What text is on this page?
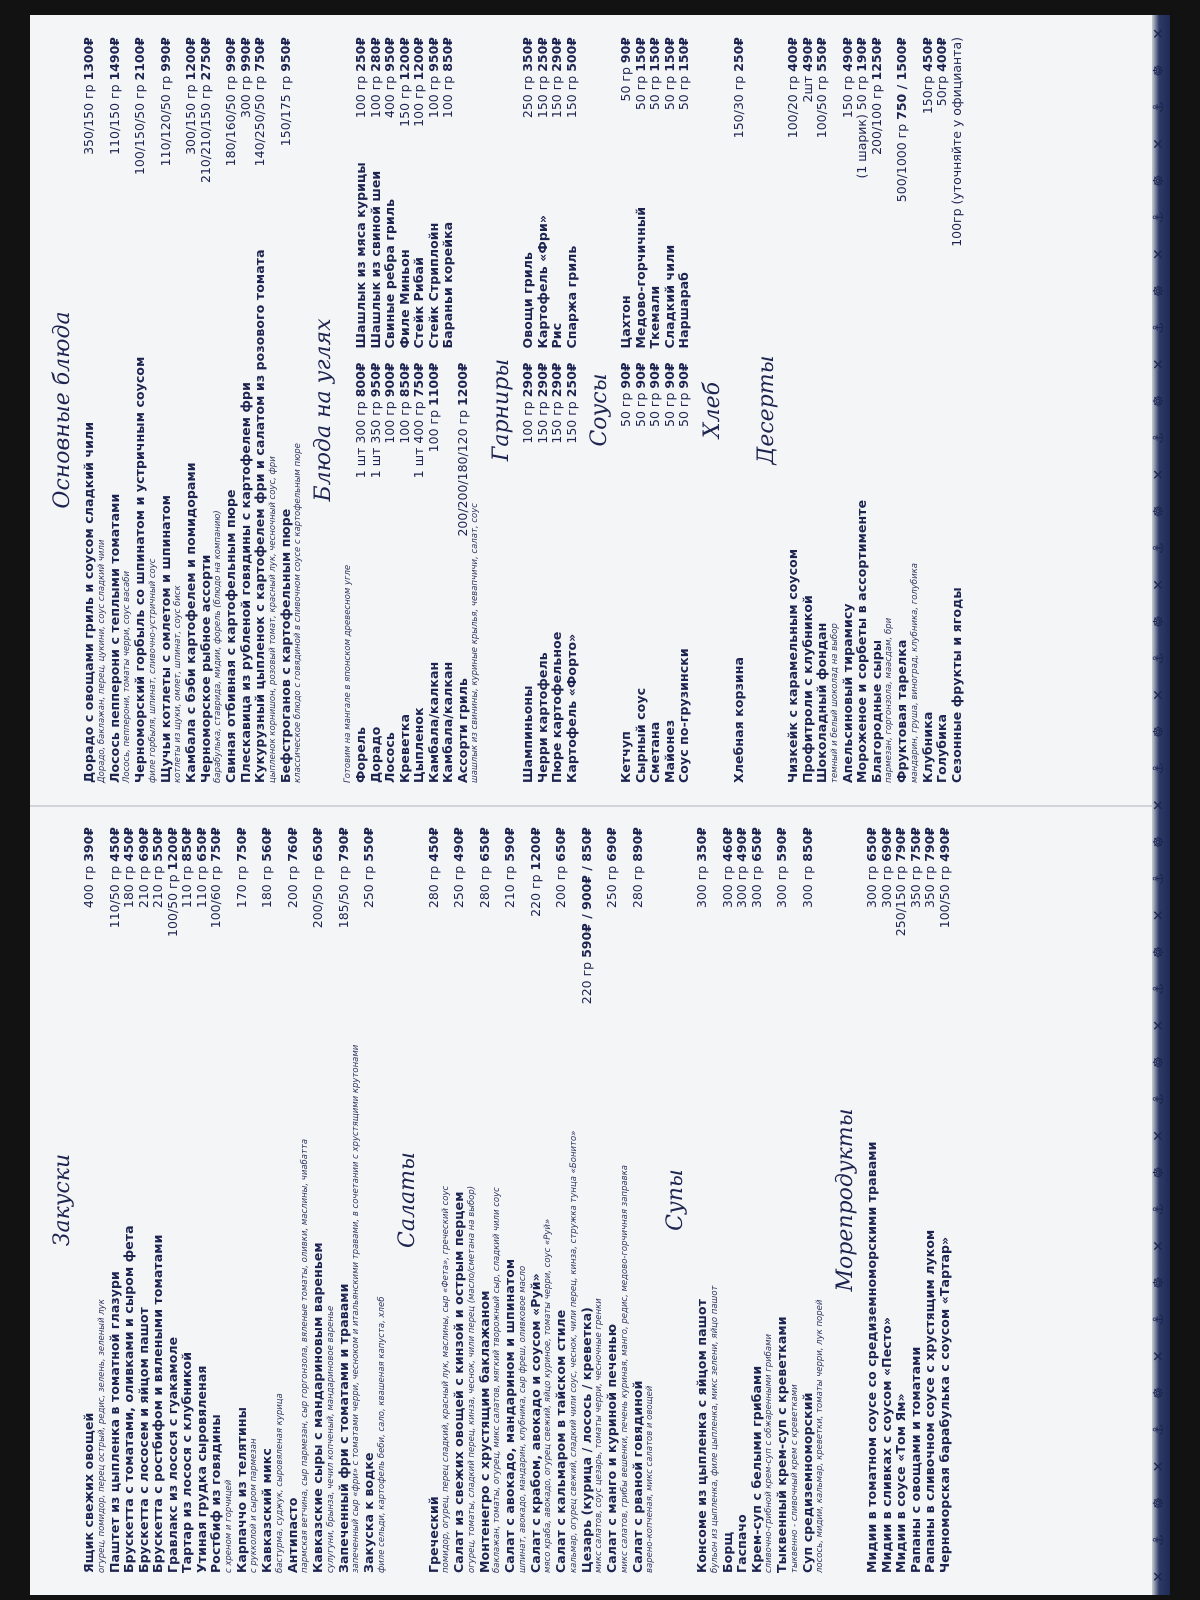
Закуски
Ящик свежих овощей
400 гр 390₽
огурец, помидор, перец острый, редис, зелень, зеленый лук Паштет из цыпленка в томатной глазури
110/50 гр 450₽
Брускетта с томатами, оливками и сыром фета
180 гр 450₽
Брускетта с лососем и яйцом пашот
210 гр 690₽
Брускетта с ростбифом и вялеными томатами
210 гр 550₽
Гравлакс из лосося с гуакамоле
100/50 гр 1200₽
Тартар из лосося с клубникой
110 гр 850₽
Утиная грудка сыровяленая
110 гр 650₽
Ростбиф из говядины
100/60 гр 750₽
с хреном и горчицей Карпаччо из телятины
170 гр 750₽
с рукколой и сыром пармезан Кавказский микс
180 гр 560₽
бастурма, суджук, сыровяленая курица Антипасто
200 гр 760₽
пармская ветчина, сыр пармезан, сыр горгонзола, вяленые томаты, оливки, маслины, чиабатта Кавказские сыры с мандариновым вареньем
200/50 гр 650₽
сулугуни, брынза, чечил копченый, мандариновое варенье Запеченный фри с томатами и травами
185/50 гр 790₽
запеченный сыр «фри» с томатами черри, чесноком и итальянскими травами, в сочетании с хрустящими крутонами Закуска к водке
250 гр 550₽
филе сельди, картофель беби, сало, квашеная капуста, хлеб
Салаты
Греческий
280 гр 450₽
помидор, огурец, перец сладкий, красный лук, маслины, сыр «Фета», греческий соус Салат из свежих овощей с кинзой и острым перцем
250 гр 490₽
огурец, томаты, сладкий перец, кинза, чеснок, чили перец (масло/сметана на выбор) Монтенегро с хрустящим баклажаном
280 гр 650₽
баклажан, томаты, огурец, микс салатов, мягкий творожный сыр, сладкий чили соус Салат с авокадо, мандарином и шпинатом
210 гр 590₽
шпинат, авокадо, мандарин, клубника, сыр фреш, оливковое масло Салат с крабом, авокадо и соусом «Руй»
220 гр 1200₽
мясо краба, авокадо, огурец свежий, яйцо куриное, томаты черри, соус «Руй» Салат с кальмаром в тайском стиле
200 гр 650₽
кальмар, огурец свежий, сладкий чили соус, чеснок, чили перец, кинза, стружка тунца «Бонито» Цезарь (курица / лосось / креветка)
220 гр 590₽ / 900₽ / 850₽
микс салатов, соус цезарь, томаты черри, чесночные гренки Салат с манго и куриной печенью
250 гр 690₽
микс салатов, грибы вешенки, печень куриная, манго, редис, медово-горчичная заправка Салат с рваной говядиной
280 гр 890₽
варено-копченая, микс салатов и овощей
Супы
Консоме из цыпленка с яйцом пашот
300 гр 350₽
бульон из цыпленка, филе цыпленка, микс зелени, яйцо пашот Борщ
300 гр 460₽
Гаспачо
300 гр 490₽
Крем-суп с белыми грибами
300 гр 650₽
сливочно-грибной крем-суп с обжаренными грибами Тыквенный крем-суп с креветками
300 гр 590₽
тыквенно - сливочный крем с креветками Суп средиземноморский
300 гр 850₽
лосось, мидии, кальмар, креветки, томаты черри, лук порей
Морепродукты Мидии в томатном соусе со средиземноморскими травами
300 гр 650₽
Мидии в сливках с соусом «Песто»
300 гр 690₽
Мидии в соусе «Том Ям»
250/150 гр 790₽
Рапаны с овощами и томатами
350 гр 750₽
Рапаны в сливочном соусе с хрустящим луком
350 гр 790₽
Черноморская барабулька с соусом «Тартар»
100/50 гр 490₽
Основные блюда
Дорадо с овощами гриль и соусом сладкий чили
350/150 гр 1300₽
Дорадо, баклажан, перец, цукини, соус сладкий чили Лосось пепперони с теплыми томатами
110/150 гр 1490₽
Лосось, пепперони, томаты черри, соус васаби Черноморский горбыль со шпинатом и устричным соусом
100/150/50 гр 2100₽
филе горбыля, шпинат, сливочно-устричный соус Щучьи котлеты с омлетом и шпинатом
110/120/50 гр 990₽
котлеты из щуки, омлет, шпинат, соус биск Камбала с бэби картофелем и помидорами
300/150 гр 1200₽
Черноморское рыбное ассорти
210/210/150 гр 2750₽
барабулька, ставрида, мидии, форель (блюдо на компанию) Свиная отбивная с картофельным пюре
180/160/50 гр 990₽
Плескавица из рубленой говядины с картофелем фри
300 гр 990₽
Кукурузный цыпленок с картофелем фри и салатом из розового томата
140/250/50 гр 750₽
цыпленок корнишон, розовый томат, красный лук, чесночный соус, фри Бефстроганов с картофельным пюре
150/175 гр 950₽
классическое блюдо с говядиной в сливочном соусе с картофельным пюре
Блюда на углях
Готовим на мангале в японском древесном угле Форель
1 шт 300 гр 800₽
Дорадо
1 шт 350 гр 950₽
Лосось
100 гр 900₽
Креветка
100 гр 850₽
Цыпленок
1 шт 400 гр 750₽
Камбала/калкан
100 гр 1100₽
Камбала/калкан Ассорти гриль
200/200/180/120 гр 1200₽
шашлык из свинины, куриные крылья, чевапчичи, салат, соус
Шашлык из мяса курицы
100 гр 250₽
Шашлык из свиной шеи
100 гр 280₽
Свиные ребра гриль
400 гр 950₽
Филе Миньон
150 гр 1200₽
Стейк Рибай
100 гр 1200₽
Стейк Стриплойн
100 гр 950₽
Бараньи корейка
100 гр 850₽
Гарниры
Шампиньоны
100 гр 290₽
Черри картофель
150 гр 290₽
Пюре картофельное
150 гр 290₽
Картофель «Форто»
150 гр 250₽
Овощи гриль
250 гр 350₽
Картофель «Фри»
150 гр 250₽
Рис
150 гр 290₽
Спаржа гриль
150 гр 500₽
Соусы
Кетчуп
50 гр 90₽
Сырный соус
50 гр 90₽
Сметана
50 гр 90₽
Майонез
50 гр 90₽
Соус по-грузински
50 гр 90₽
Цахтон
50 гр 90₽
Медово-горчичный
50 гр 150₽
Ткемали
50 гр 150₽
Сладкий чили
50 гр 150₽
Наршараб
50 гр 150₽
Хлеб
Хлебная корзина
150/30 гр 250₽
Десерты
Чизкейк с карамельным соусом
100/20 гр 400₽
Профитроли с клубникой
2шт 490₽
Шоколадный фондан
100/50 гр 550₽
темный и белый шоколад на выбор Апельсиновый тирамису
150 гр 490₽
Мороженое и сорбеты в ассортименте
(1 шарик) 50 гр 190₽
Благородные сыры
200/100 гр 1250₽
пармезан, горгонзола, маасдам, бри Фруктовая тарелка
500/1000 гр 750 / 1500₽
мандарин, груша, виноград, клубника, голубика Клубника
150гр 450₽
Голубика
50гр 400₽
Сезонные фрукты и ягоды
100гр (уточняйте у официанта)
✕
⚓
☸
✕
⚓
☸
✕
⚓
☸
✕
⚓
☸
✕
⚓
☸
✕
⚓
☸
✕
⚓
☸
✕
⚓
☸
✕
⚓
☸
✕
⚓
☸
✕
⚓
☸
✕
⚓
☸
✕
⚓
☸
✕
⚓
☸
✕
